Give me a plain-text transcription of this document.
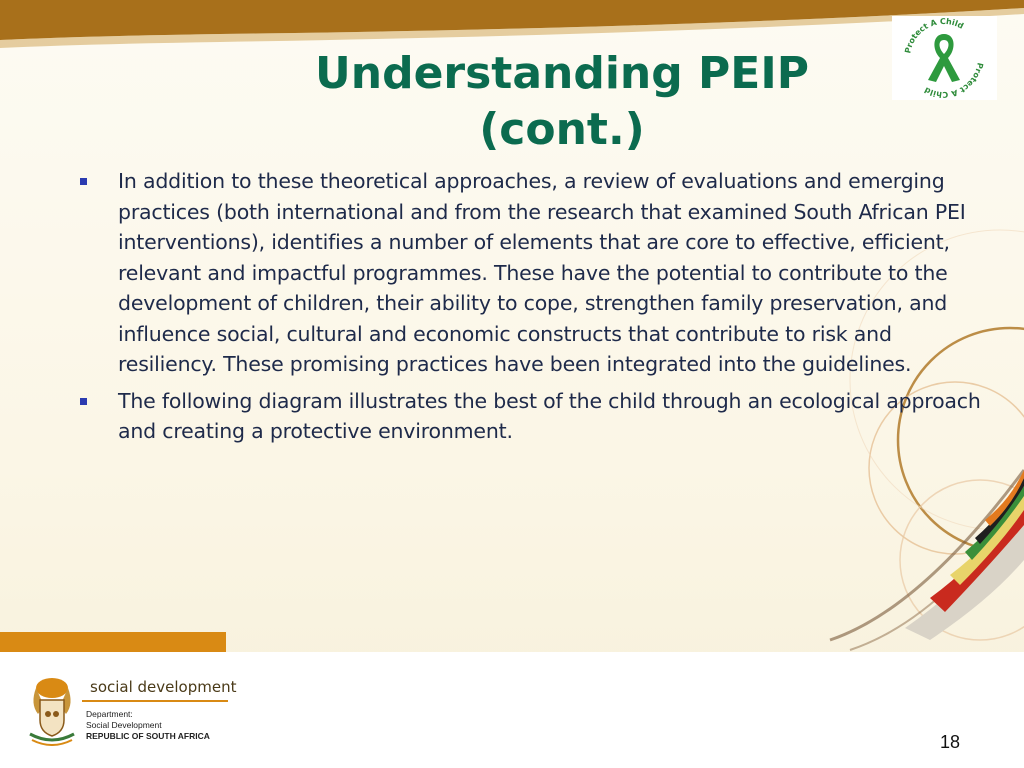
Understanding PEIP
(cont.)
Protect A Child
Protect A Child
In addition to these theoretical approaches, a review of evaluations and emerging practices (both international and from the research that examined South African PEI interventions), identifies a number of elements that are core to effective, efficient, relevant and impactful programmes. These have the potential to contribute to the development of children, their ability to cope, strengthen family preservation, and influence social, cultural and economic constructs that contribute to risk and resiliency. These promising practices have been integrated into the guidelines.
The following diagram illustrates the best of the child through an ecological approach and creating a protective environment.
social development
Department:
Social Development
REPUBLIC OF SOUTH AFRICA	18
